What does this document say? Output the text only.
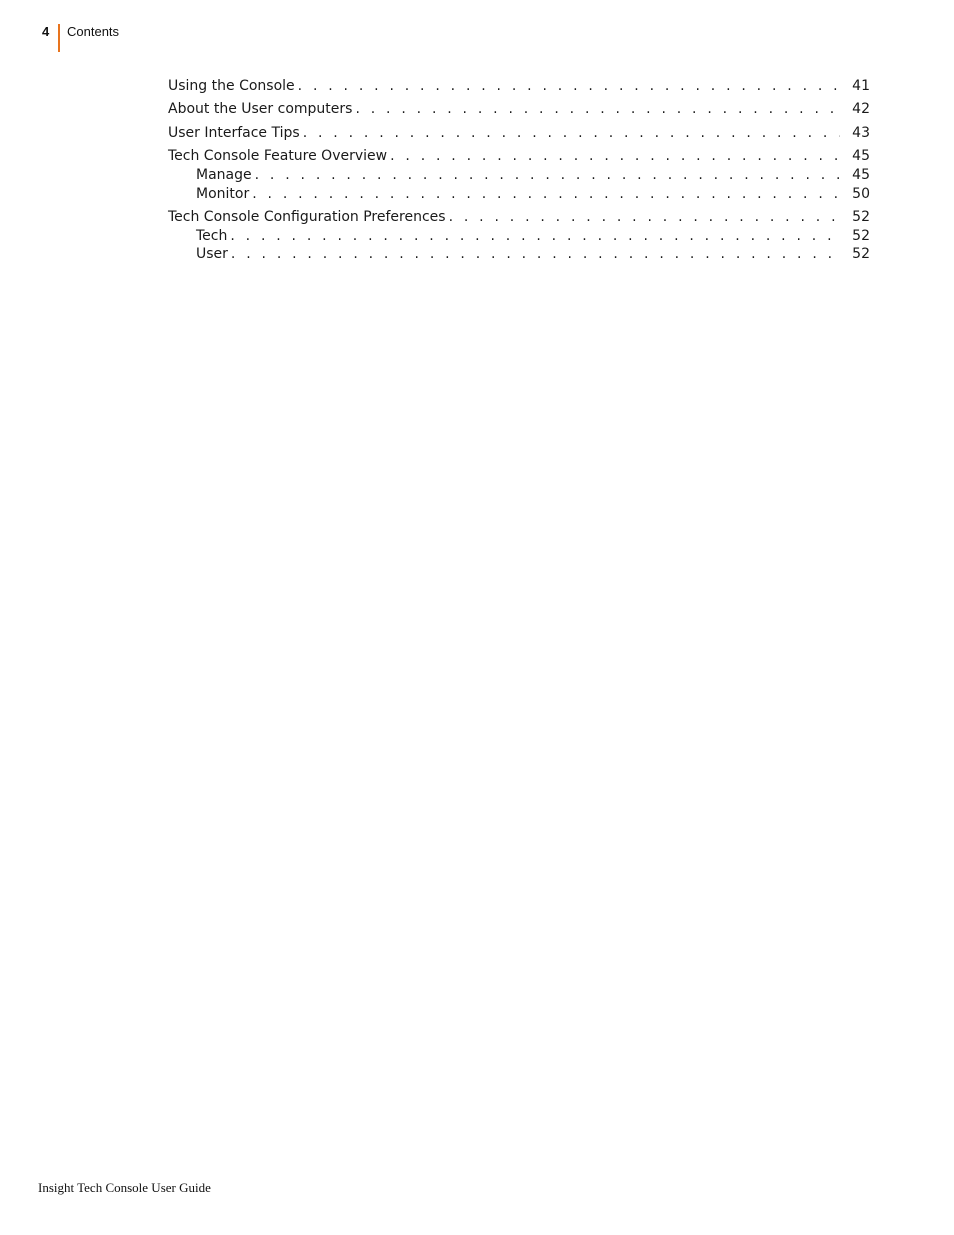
4 Contents
Using the Console . . .	41
About the User computers . . .	42
User Interface Tips . . .	43
Tech Console Feature Overview . . .	45
Manage . . .	45
Monitor . . .	50
Tech Console Configuration Preferences . . .	52
Tech . . .	52
User . . .	52
Insight Tech Console User Guide
